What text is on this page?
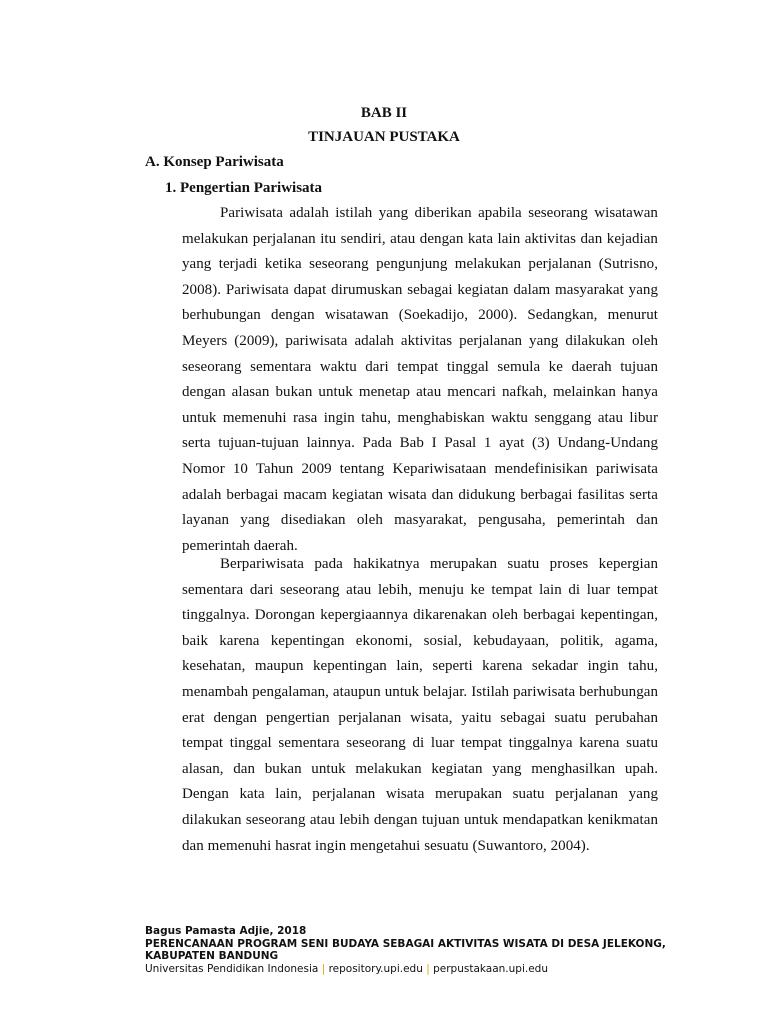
BAB II
TINJAUAN PUSTAKA
A. Konsep Pariwisata
1. Pengertian Pariwisata

Pariwisata adalah istilah yang diberikan apabila seseorang wisatawan melakukan perjalanan itu sendiri, atau dengan kata lain aktivitas dan kejadian yang terjadi ketika seseorang pengunjung melakukan perjalanan (Sutrisno, 2008). Pariwisata dapat dirumuskan sebagai kegiatan dalam masyarakat yang berhubungan dengan wisatawan (Soekadijo, 2000). Sedangkan, menurut Meyers (2009), pariwisata adalah aktivitas perjalanan yang dilakukan oleh seseorang sementara waktu dari tempat tinggal semula ke daerah tujuan dengan alasan bukan untuk menetap atau mencari nafkah, melainkan hanya untuk memenuhi rasa ingin tahu, menghabiskan waktu senggang atau libur serta tujuan-tujuan lainnya. Pada Bab I Pasal 1 ayat (3) Undang-Undang Nomor 10 Tahun 2009 tentang Kepariwisataan mendefinisikan pariwisata adalah berbagai macam kegiatan wisata dan didukung berbagai fasilitas serta layanan yang disediakan oleh masyarakat, pengusaha, pemerintah dan pemerintah daerah.

Berpariwisata pada hakikatnya merupakan suatu proses kepergian sementara dari seseorang atau lebih, menuju ke tempat lain di luar tempat tinggalnya. Dorongan kepergiaannya dikarenakan oleh berbagai kepentingan, baik karena kepentingan ekonomi, sosial, kebudayaan, politik, agama, kesehatan, maupun kepentingan lain, seperti karena sekadar ingin tahu, menambah pengalaman, ataupun untuk belajar. Istilah pariwisata berhubungan erat dengan pengertian perjalanan wisata, yaitu sebagai suatu perubahan tempat tinggal sementara seseorang di luar tempat tinggalnya karena suatu alasan, dan bukan untuk melakukan kegiatan yang menghasilkan upah. Dengan kata lain, perjalanan wisata merupakan suatu perjalanan yang dilakukan seseorang atau lebih dengan tujuan untuk mendapatkan kenikmatan dan memenuhi hasrat ingin mengetahui sesuatu (Suwantoro, 2004).

Bagus Pamasta Adjie, 2018
PERENCANAAN PROGRAM SENI BUDAYA SEBAGAI AKTIVITAS WISATA DI DESA JELEKONG,
KABUPATEN BANDUNG
Universitas Pendidikan Indonesia | repository.upi.edu | perpustakaan.upi.edu
